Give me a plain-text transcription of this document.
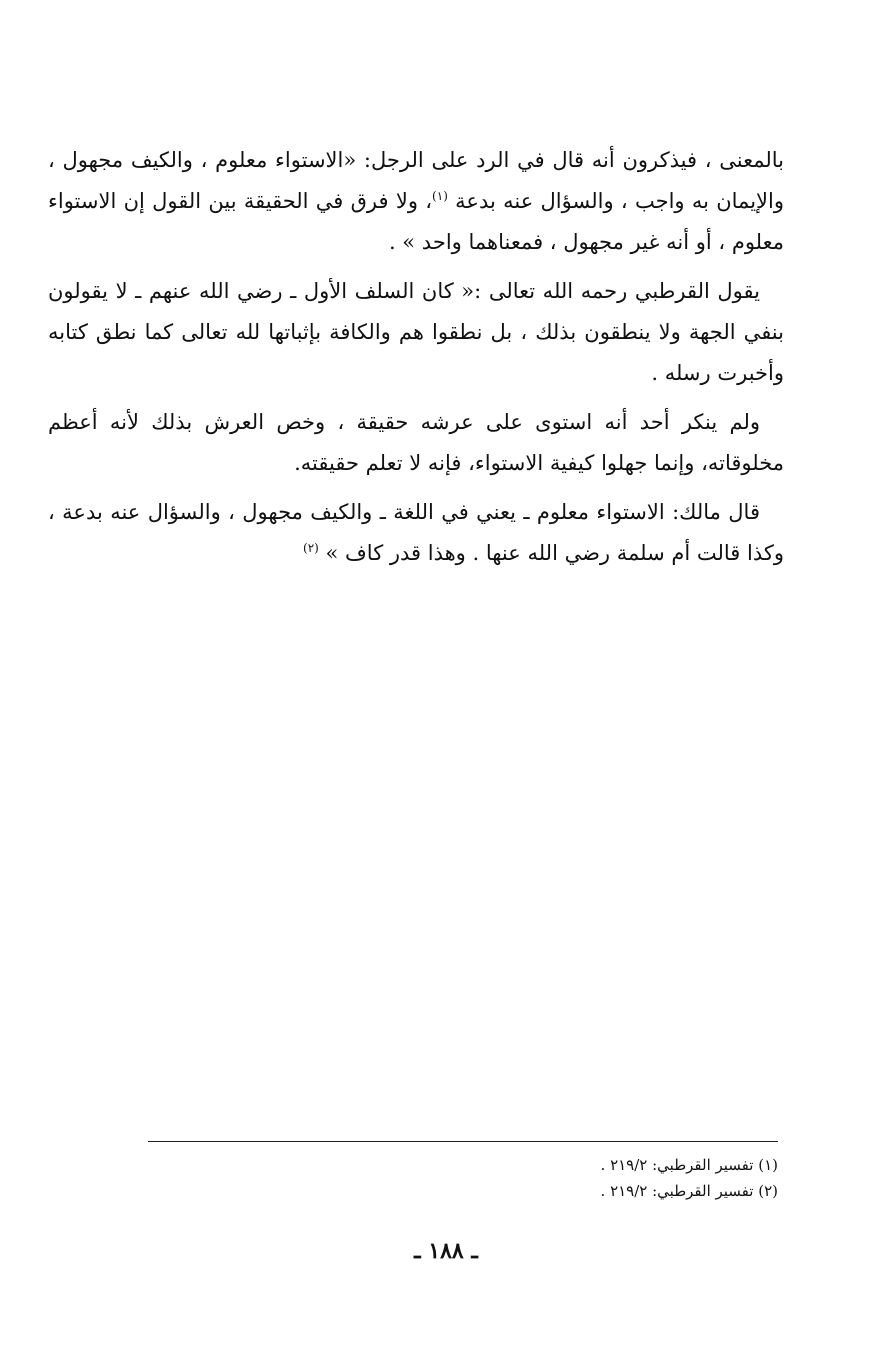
بالمعنى ، فيذكرون أنه قال في الرد على الرجل: «الاستواء معلوم ، والكيف مجهول ، والإيمان به واجب ، والسؤال عنه بدعة $^{(١)}$، ولا فرق في الحقيقة بين القول إن الاستواء معلوم ، أو أنه غير مجهول ، فمعناهما واحد » .

يقول القرطبي رحمه الله تعالى :« كان السلف الأول ـ رضي الله عنهم ـ لا يقولون بنفي الجهة ولا ينطقون بذلك ، بل نطقوا هم والكافة بإثباتها لله تعالى كما نطق كتابه وأخبرت رسله .

ولم ينكر أحد أنه استوى على عرشه حقيقة ، وخص العرش بذلك لأنه أعظم مخلوقاته، وإنما جهلوا كيفية الاستواء، فإنه لا تعلم حقيقته.

قال مالك: الاستواء معلوم ـ يعني في اللغة ـ والكيف مجهول ، والسؤال عنه بدعة ، وكذا قالت أم سلمة رضي الله عنها . وهذا قدر كاف » $^{(٢)}$

(١) تفسير القرطبي: ٢١٩/٢ .
(٢) تفسير القرطبي: ٢١٩/٢ .
ـ ١٨٨ ـ
